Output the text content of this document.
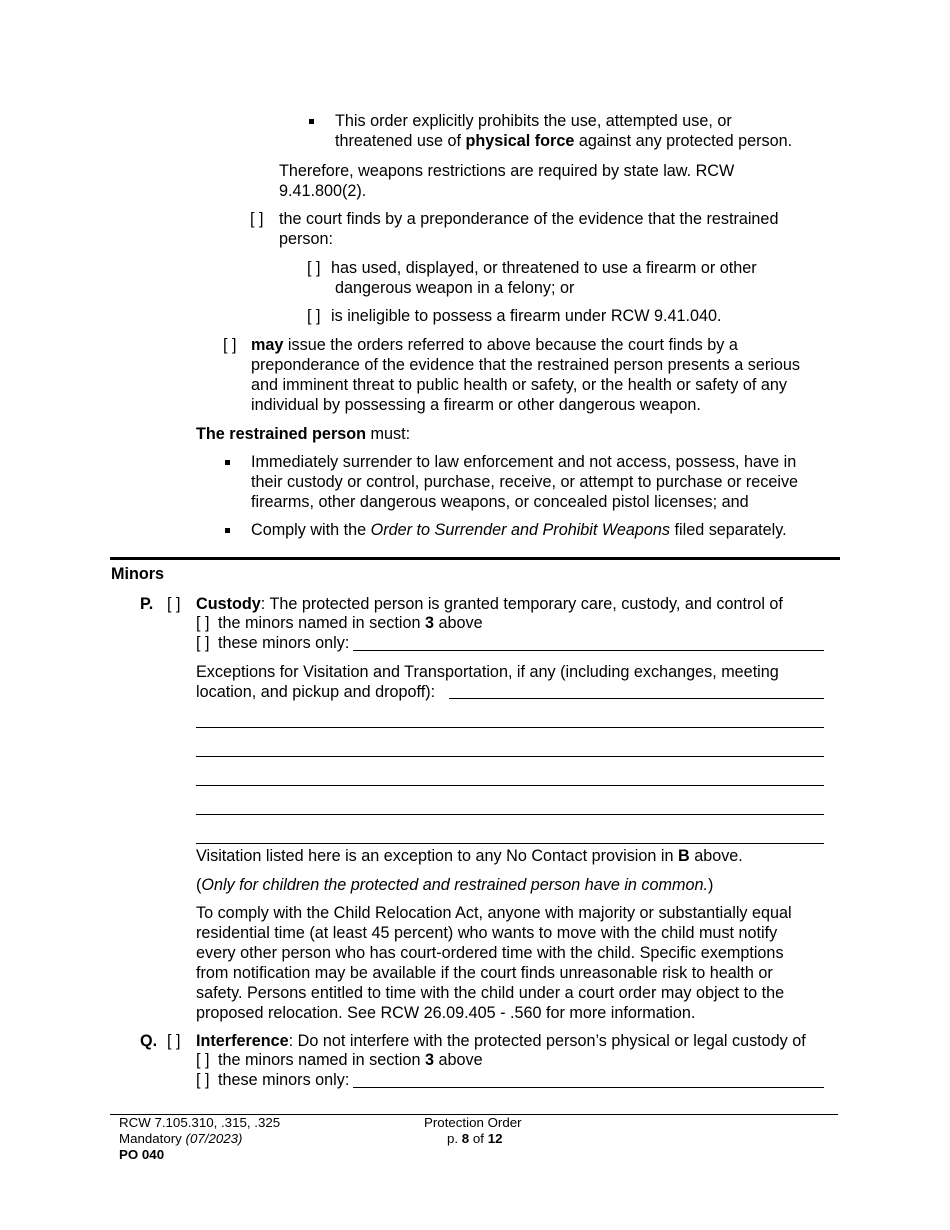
This order explicitly prohibits the use, attempted use, or
threatened use of physical force against any protected person.
Therefore, weapons restrictions are required by state law. RCW
9.41.800(2).
[ ] the court finds by a preponderance of the evidence that the restrained
person:
[ ] has used, displayed, or threatened to use a firearm or other
dangerous weapon in a felony; or
[ ] is ineligible to possess a firearm under RCW 9.41.040.
[ ] may issue the orders referred to above because the court finds by a
preponderance of the evidence that the restrained person presents a serious
and imminent threat to public health or safety, or the health or safety of any
individual by possessing a firearm or other dangerous weapon.
The restrained person must:
Immediately surrender to law enforcement and not access, possess, have in
their custody or control, purchase, receive, or attempt to purchase or receive
firearms, other dangerous weapons, or concealed pistol licenses; and
Comply with the Order to Surrender and Prohibit Weapons filed separately.
Minors
P. [ ] Custody: The protected person is granted temporary care, custody, and control of
[ ] the minors named in section 3 above
[ ] these minors only:
Exceptions for Visitation and Transportation, if any (including exchanges, meeting
location, and pickup and dropoff):
Visitation listed here is an exception to any No Contact provision in B above.
(Only for children the protected and restrained person have in common.)
To comply with the Child Relocation Act, anyone with majority or substantially equal
residential time (at least 45 percent) who wants to move with the child must notify
every other person who has court-ordered time with the child. Specific exemptions
from notification may be available if the court finds unreasonable risk to health or
safety. Persons entitled to time with the child under a court order may object to the
proposed relocation. See RCW 26.09.405 - .560 for more information.
Q. [ ] Interference: Do not interfere with the protected person’s physical or legal custody of
[ ] the minors named in section 3 above
[ ] these minors only:
RCW 7.105.310, .315, .325
Mandatory (07/2023)
PO 040
Protection Order
p. 8 of 12
